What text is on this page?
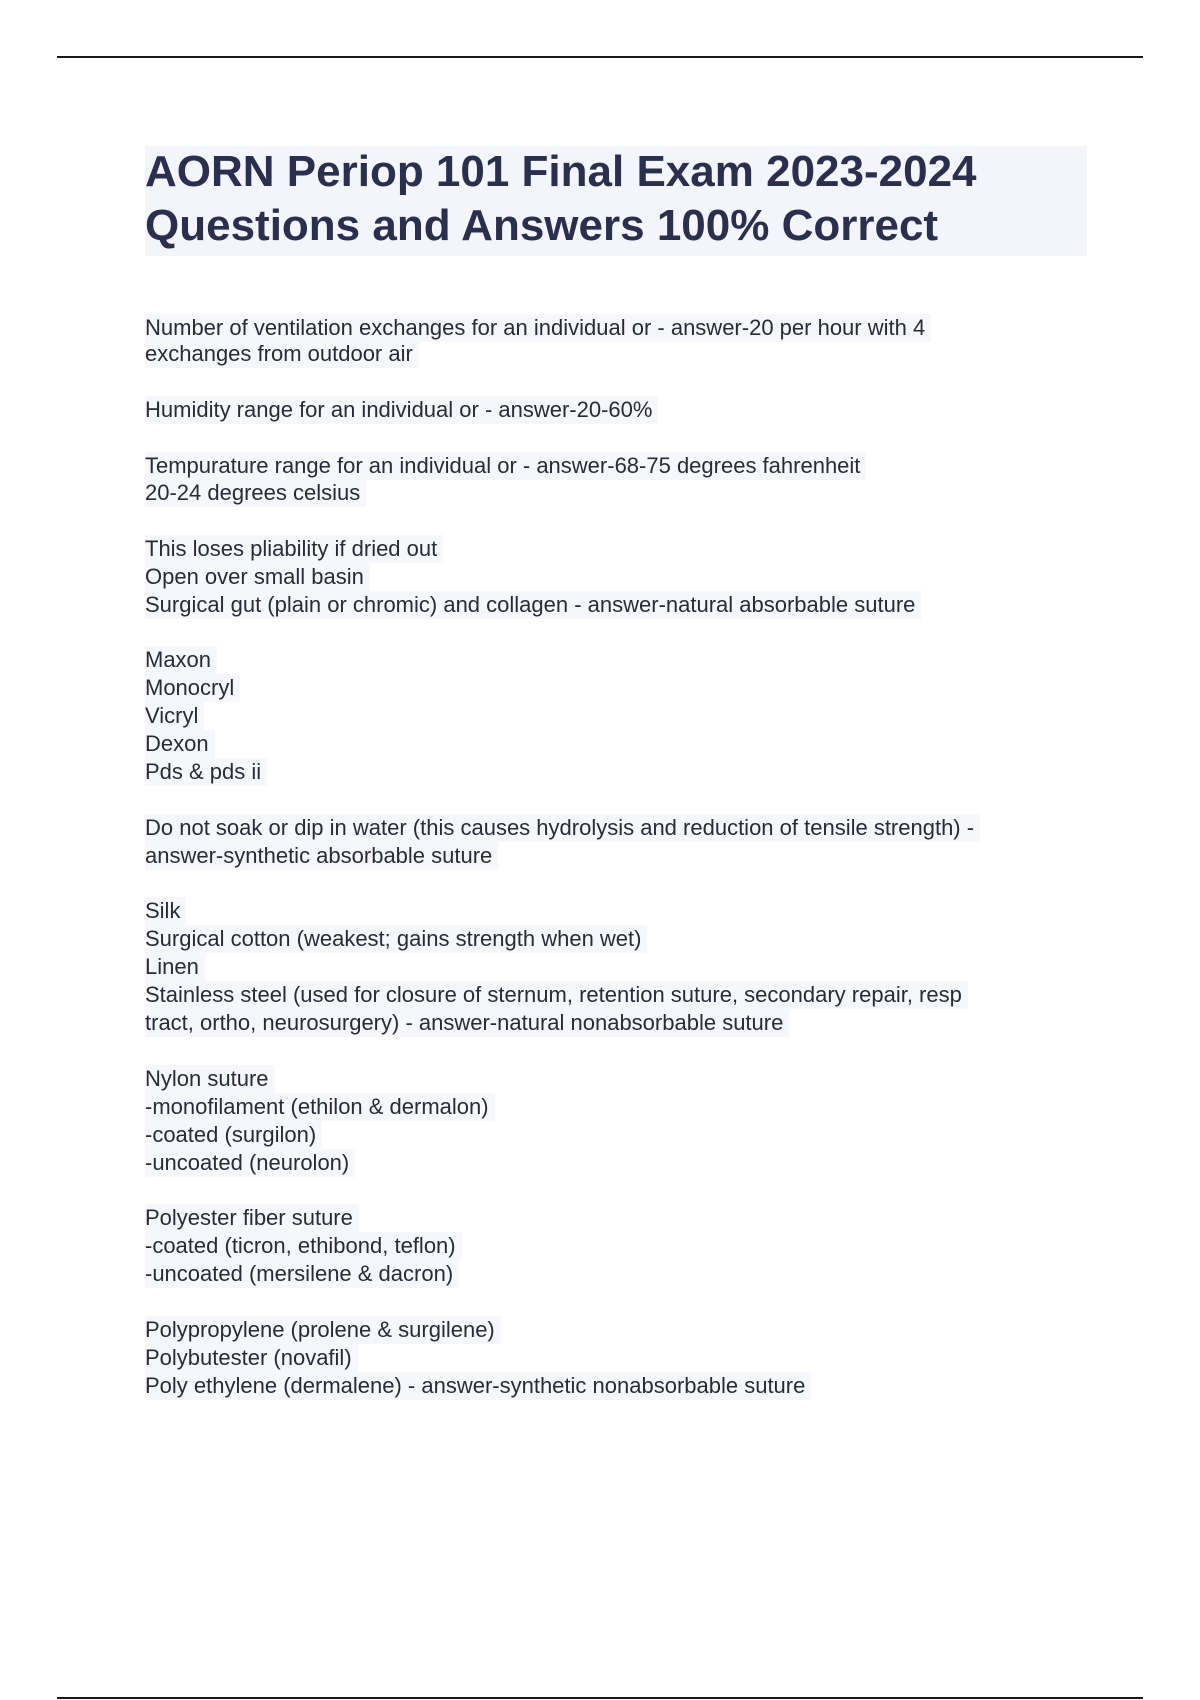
AORN Periop 101 Final Exam 2023-2024
Questions and Answers 100% Correct
Number of ventilation exchanges for an individual or - answer-20 per hour with 4
exchanges from outdoor air
Humidity range for an individual or - answer-20-60%
Tempurature range for an individual or - answer-68-75 degrees fahrenheit
20-24 degrees celsius
This loses pliability if dried out
Open over small basin
Surgical gut (plain or chromic) and collagen - answer-natural absorbable suture
Maxon
Monocryl
Vicryl
Dexon
Pds & pds ii
Do not soak or dip in water (this causes hydrolysis and reduction of tensile strength) -
answer-synthetic absorbable suture
Silk
Surgical cotton (weakest; gains strength when wet)
Linen
Stainless steel (used for closure of sternum, retention suture, secondary repair, resp
tract, ortho, neurosurgery) - answer-natural nonabsorbable suture
Nylon suture
-monofilament (ethilon & dermalon)
-coated (surgilon)
-uncoated (neurolon)
Polyester fiber suture
-coated (ticron, ethibond, teflon)
-uncoated (mersilene & dacron)
Polypropylene (prolene & surgilene)
Polybutester (novafil)
Poly ethylene (dermalene) - answer-synthetic nonabsorbable suture
